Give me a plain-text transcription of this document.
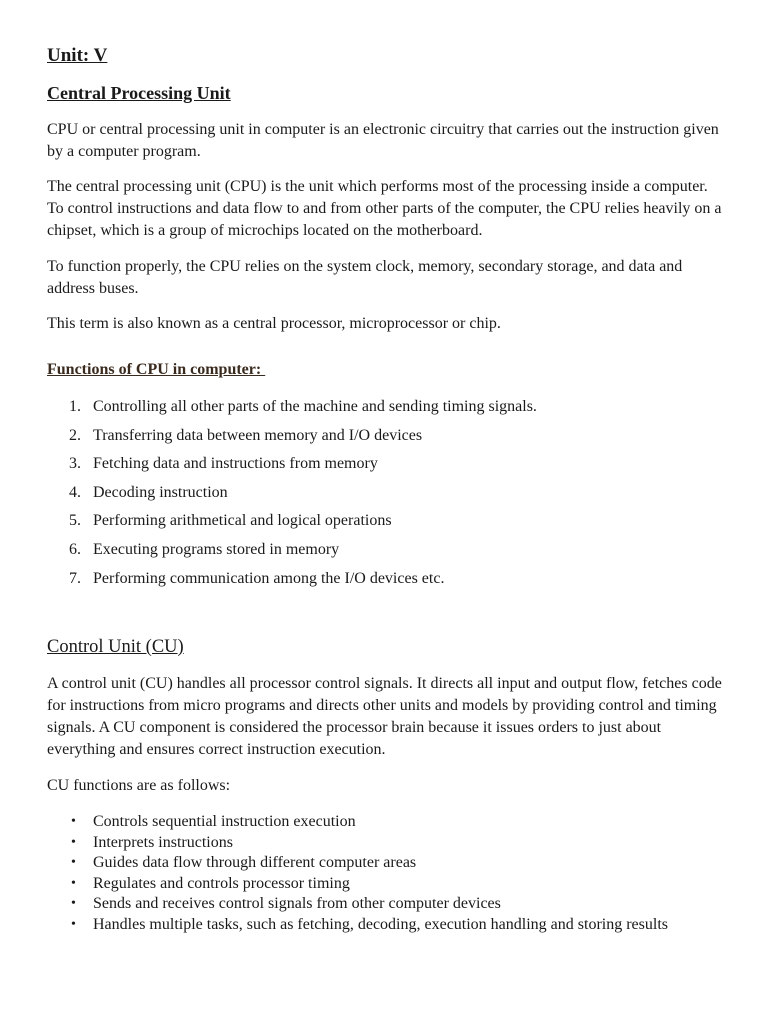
Unit: V
Central Processing Unit

CPU or central processing unit in computer is an electronic circuitry that carries out the instruction given by a computer program.

The central processing unit (CPU) is the unit which performs most of the processing inside a computer. To control instructions and data flow to and from other parts of the computer, the CPU relies heavily on a chipset, which is a group of microchips located on the motherboard.

To function properly, the CPU relies on the system clock, memory, secondary storage, and data and address buses.

This term is also known as a central processor, microprocessor or chip.

Functions of CPU in computer:
1. Controlling all other parts of the machine and sending timing signals.
2. Transferring data between memory and I/O devices
3. Fetching data and instructions from memory
4. Decoding instruction
5. Performing arithmetical and logical operations
6. Executing programs stored in memory
7. Performing communication among the I/O devices etc.
Control Unit (CU)

A control unit (CU) handles all processor control signals. It directs all input and output flow, fetches code for instructions from micro programs and directs other units and models by providing control and timing signals. A CU component is considered the processor brain because it issues orders to just about everything and ensures correct instruction execution.

CU functions are as follows:

• Controls sequential instruction execution
• Interprets instructions
• Guides data flow through different computer areas
• Regulates and controls processor timing
• Sends and receives control signals from other computer devices
• Handles multiple tasks, such as fetching, decoding, execution handling and storing results
